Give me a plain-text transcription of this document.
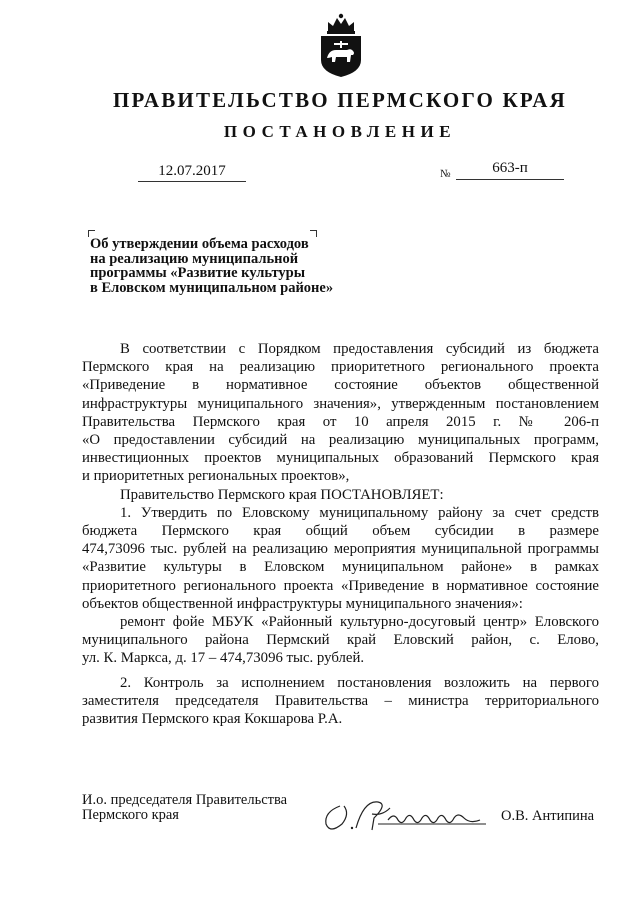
ПРАВИТЕЛЬСТВО ПЕРМСКОГО КРАЯ
ПОСТАНОВЛЕНИЕ
12.07.2017	№	663-п
Об утверждении объема расходов
на реализацию муниципальной
программы «Развитие культуры
в Еловском муниципальном районе»
В соответствии с Порядком предоставления субсидий из бюджета
Пермского края на реализацию приоритетного регионального проекта
«Приведение в нормативное состояние объектов общественной
инфраструктуры муниципального значения», утвержденным постановлением
Правительства Пермского края от 10 апреля 2015 г. № 206-п
«О предоставлении субсидий на реализацию муниципальных программ,
инвестиционных проектов муниципальных образований Пермского края
и приоритетных региональных проектов»,
Правительство Пермского края ПОСТАНОВЛЯЕТ:
1. Утвердить по Еловскому муниципальному району за счет средств
бюджета Пермского края общий объем субсидии в размере
474,73096 тыс. рублей на реализацию мероприятия муниципальной программы
«Развитие культуры в Еловском муниципальном районе» в рамках
приоритетного регионального проекта «Приведение в нормативное состояние
объектов общественной инфраструктуры муниципального значения»:
ремонт фойе МБУК «Районный культурно-досуговый центр» Еловского
муниципального района Пермский край Еловский район, с. Елово,
ул. К. Маркса, д. 17 – 474,73096 тыс. рублей.
2. Контроль за исполнением постановления возложить на первого
заместителя председателя Правительства – министра территориального
развития Пермского края Кокшарова Р.А.
И.о. председателя Правительства
Пермского края	О.В. Антипина
